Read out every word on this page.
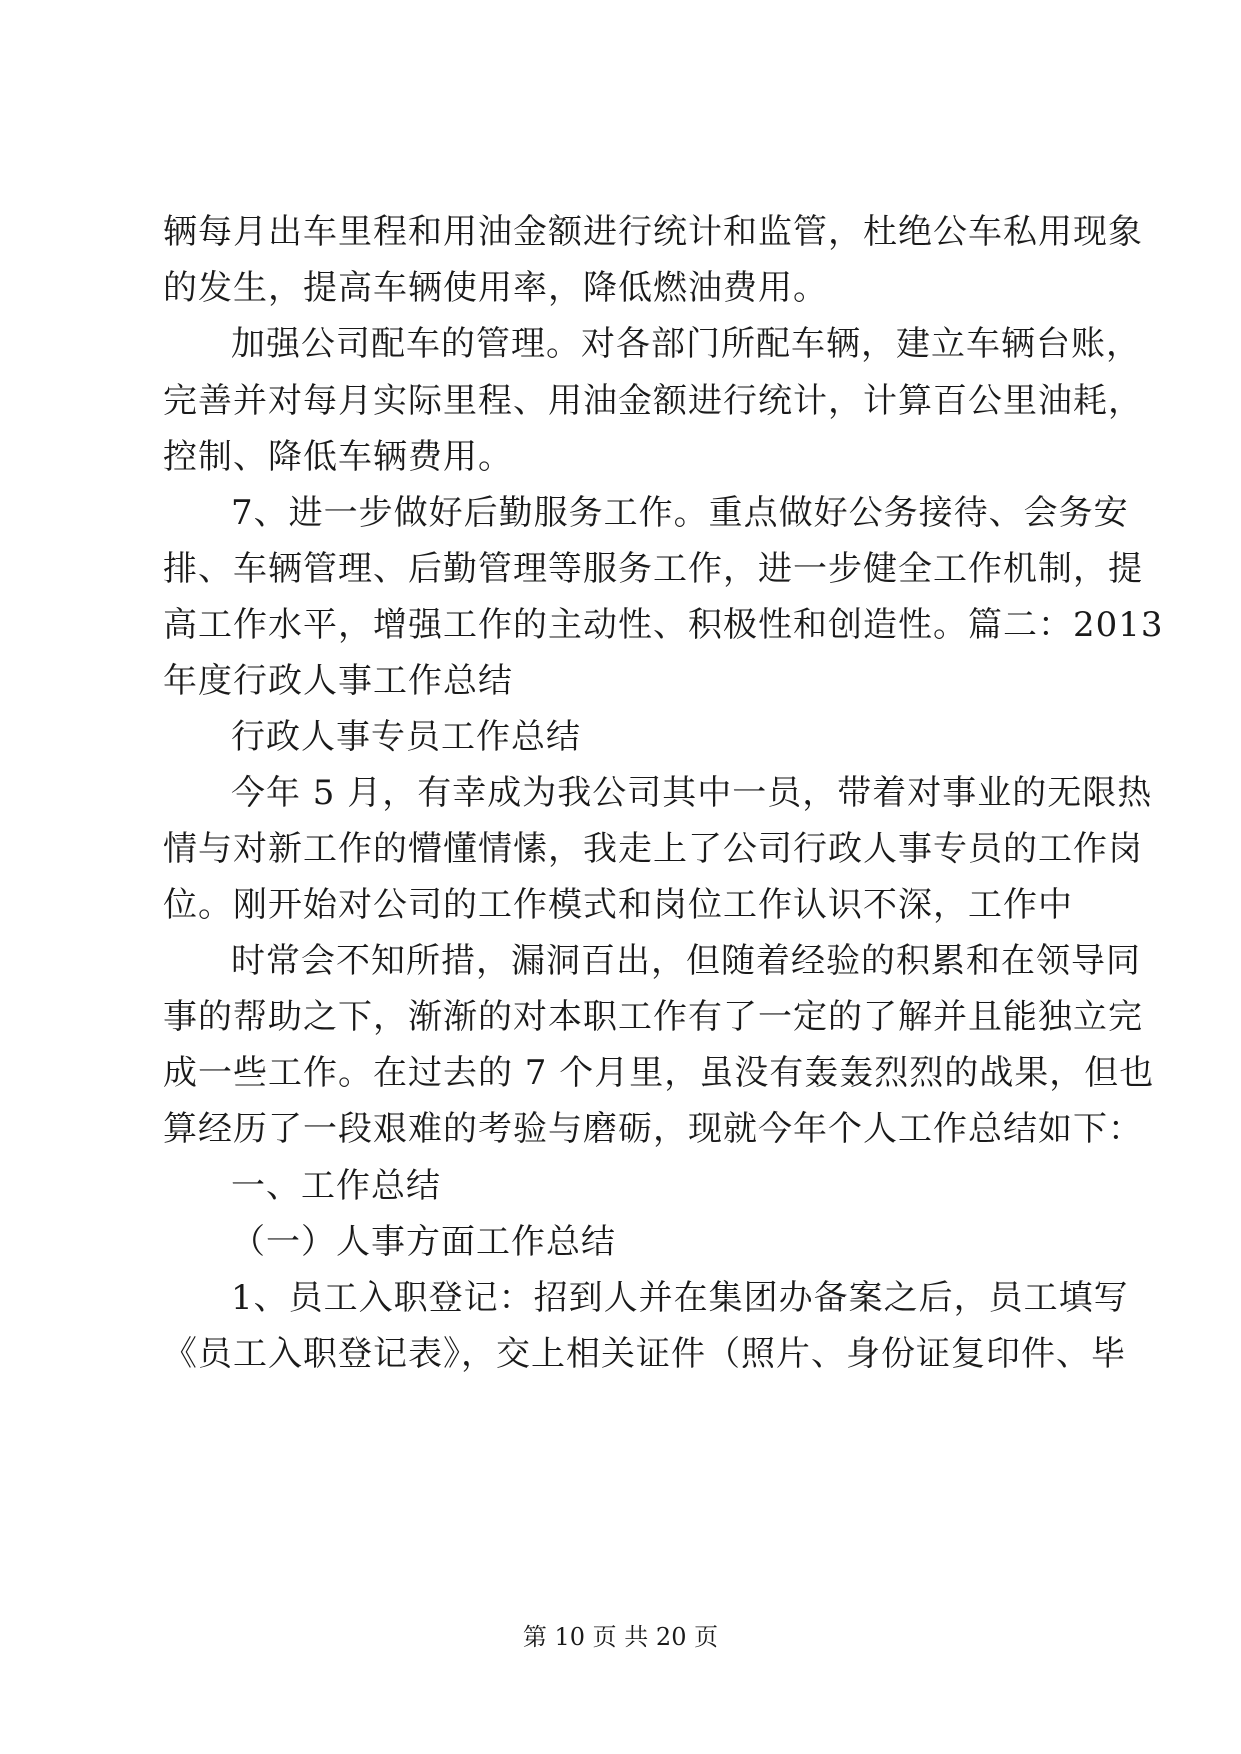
辆每月出车里程和用油金额进行统计和监管，杜绝公车私用现象
的发生，提高车辆使用率，降低燃油费用。
加强公司配车的管理。对各部门所配车辆，建立车辆台账，
完善并对每月实际里程、用油金额进行统计，计算百公里油耗，
控制、降低车辆费用。
7、进一步做好后勤服务工作。重点做好公务接待、会务安
排、车辆管理、后勤管理等服务工作，进一步健全工作机制，提
高工作水平，增强工作的主动性、积极性和创造性。篇二：2013
年度行政人事工作总结
行政人事专员工作总结
今年 5 月，有幸成为我公司其中一员，带着对事业的无限热
情与对新工作的懵懂情愫，我走上了公司行政人事专员的工作岗
位。刚开始对公司的工作模式和岗位工作认识不深，工作中
时常会不知所措，漏洞百出，但随着经验的积累和在领导同
事的帮助之下，渐渐的对本职工作有了一定的了解并且能独立完
成一些工作。在过去的 7 个月里，虽没有轰轰烈烈的战果，但也
算经历了一段艰难的考验与磨砺，现就今年个人工作总结如下：
一、工作总结
（一）人事方面工作总结
1、员工入职登记：招到人并在集团办备案之后，员工填写
《员工入职登记表》，交上相关证件（照片、身份证复印件、毕
第 10 页 共 20 页
